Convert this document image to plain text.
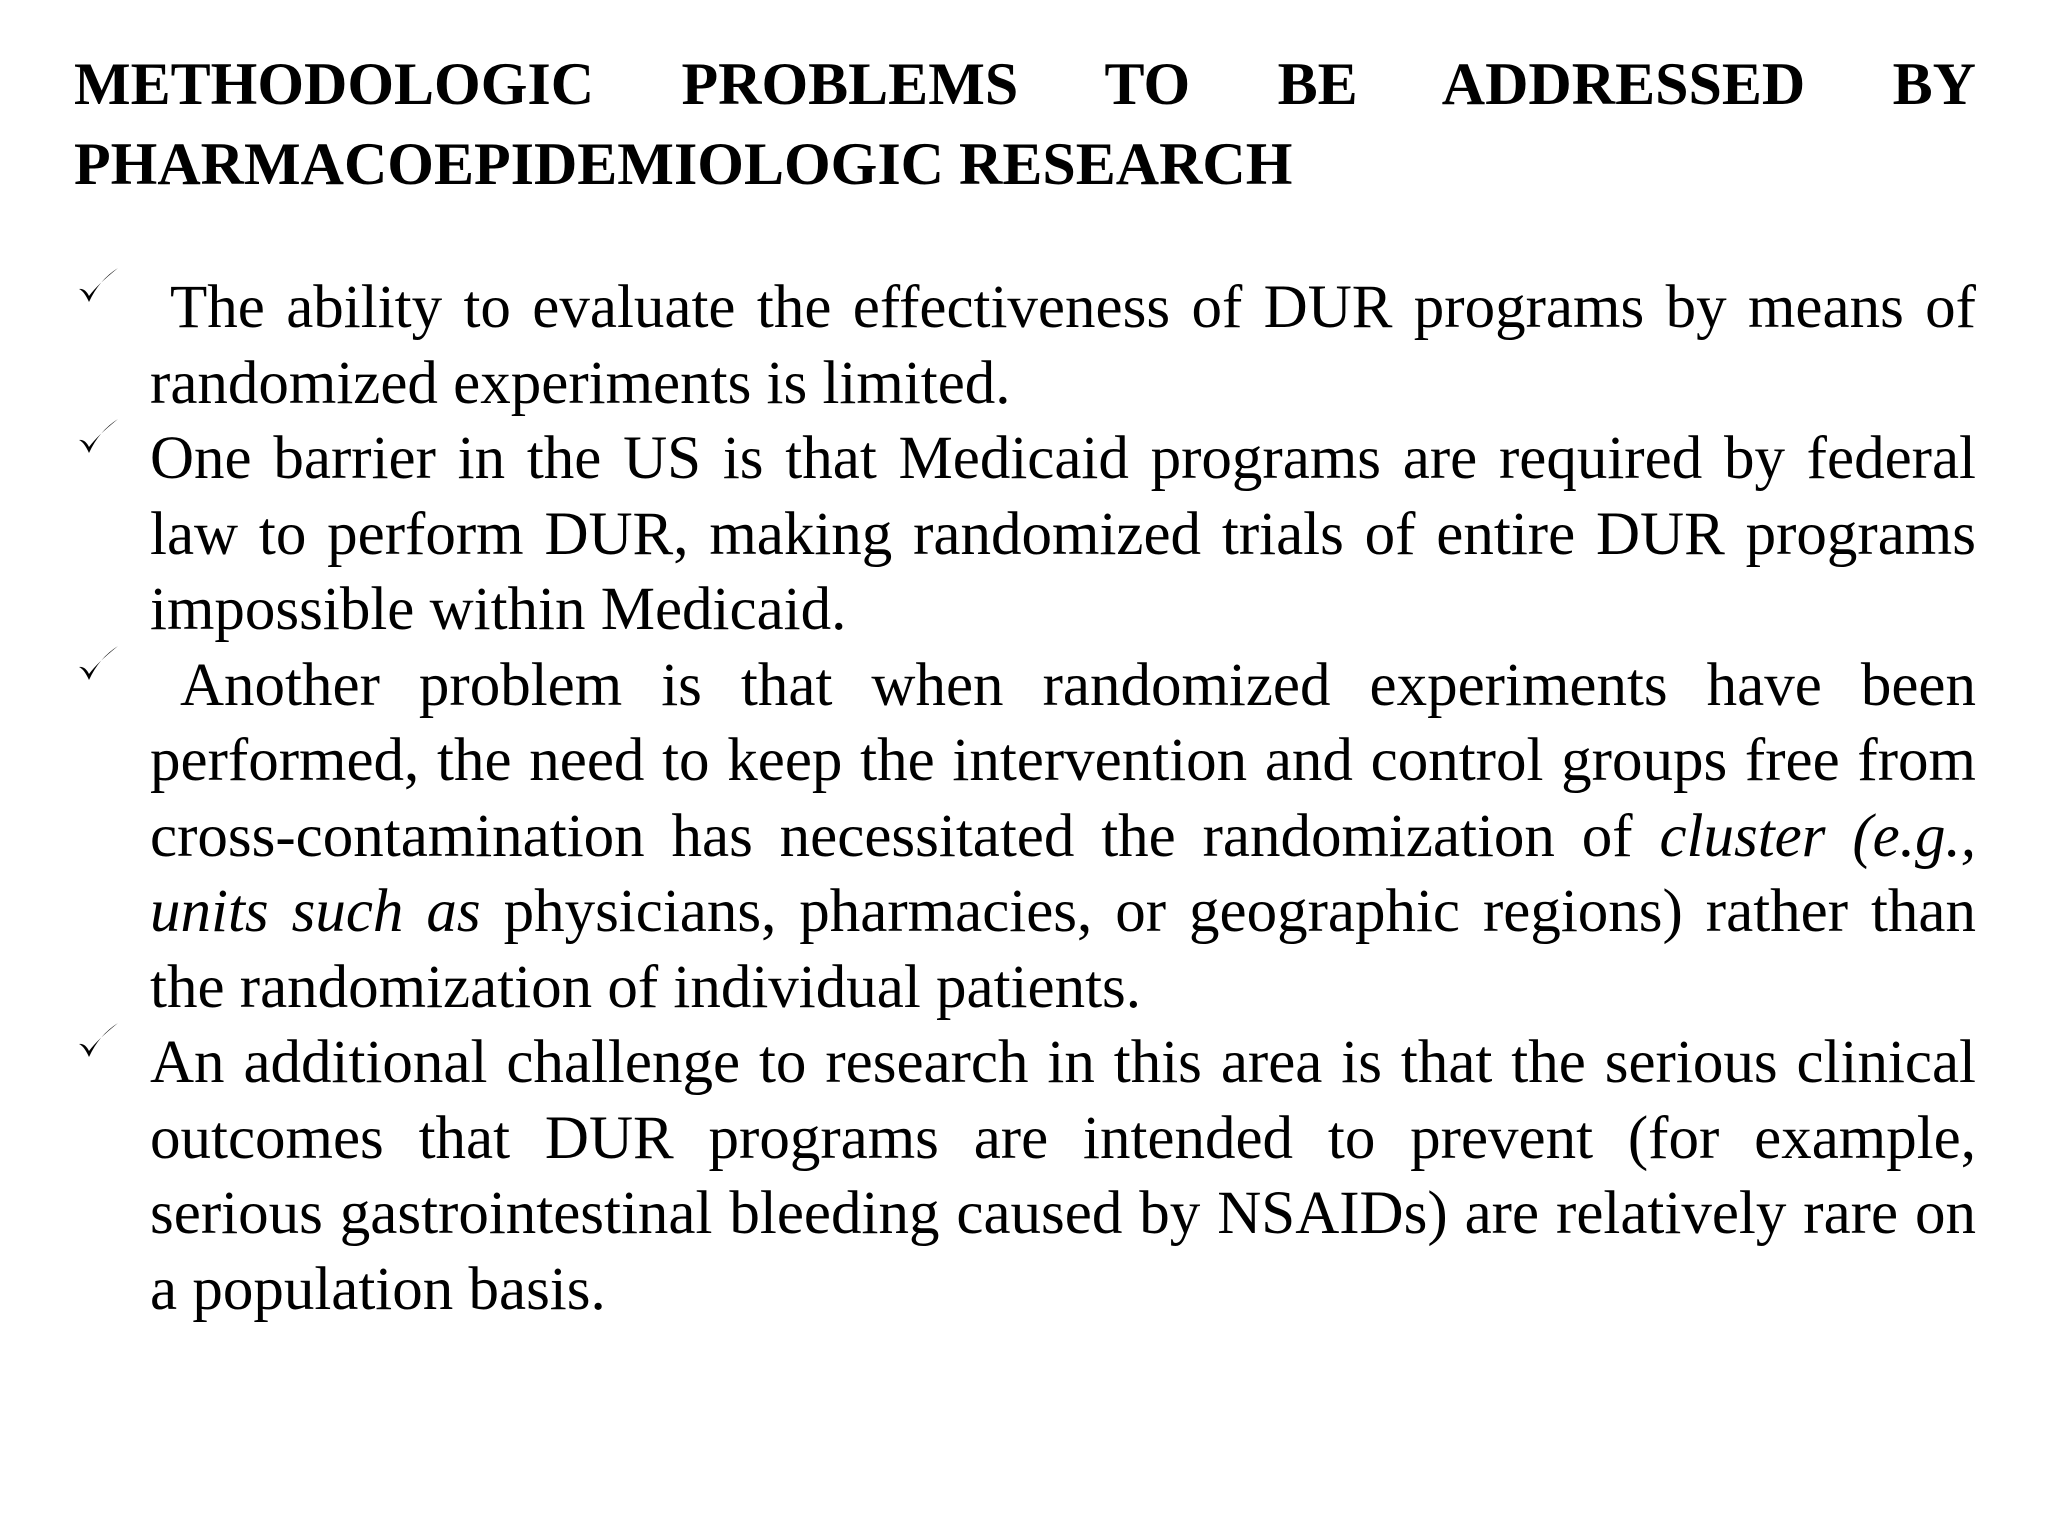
METHODOLOGIC PROBLEMS TO BE ADDRESSED BY
PHARMACOEPIDEMIOLOGIC RESEARCH
The ability to evaluate the effectiveness of DUR programs by means of randomized experiments is limited.
One barrier in the US is that Medicaid programs are required by federal law to perform DUR, making randomized trials of entire DUR programs impossible within Medicaid.
Another problem is that when randomized experiments have been performed, the need to keep the intervention and control groups free from cross-contamination has necessitated the randomization of cluster (e.g., units such as physicians, pharmacies, or geographic regions) rather than the randomization of individual patients.
An additional challenge to research in this area is that the serious clinical outcomes that DUR programs are intended to prevent (for example, serious gastrointestinal bleeding caused by NSAIDs) are relatively rare on a population basis.
